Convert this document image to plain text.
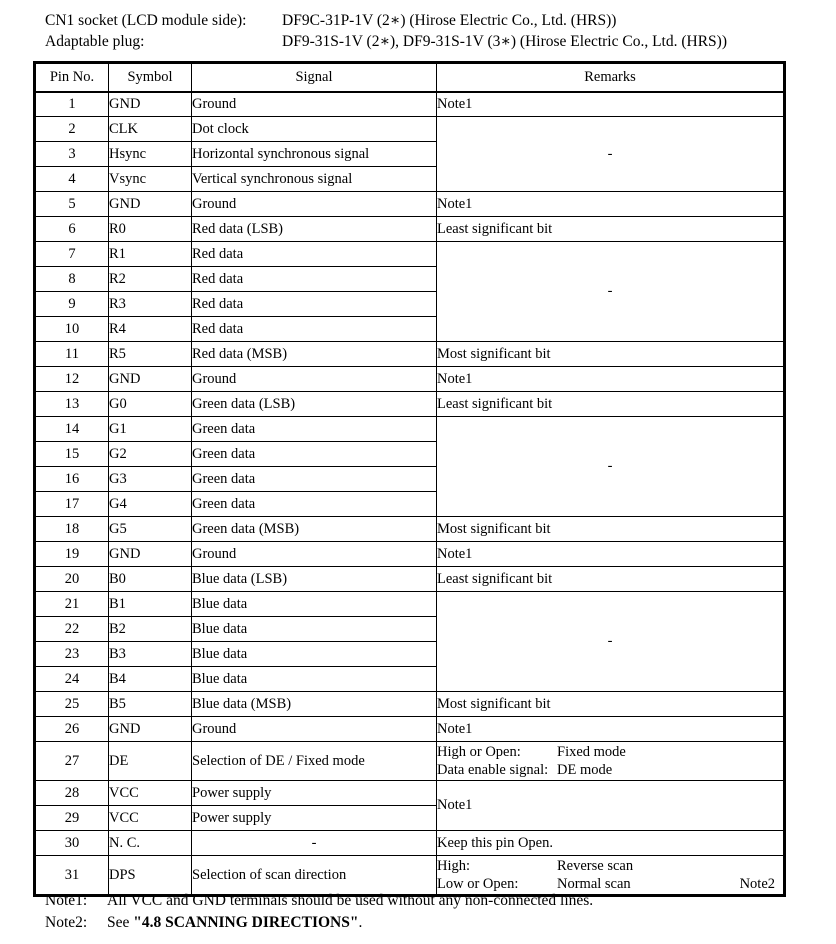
CN1 socket (LCD module side):	DF9C-31P-1V (2∗) (Hirose Electric Co., Ltd. (HRS))
Adaptable plug:	DF9-31S-1V (2∗), DF9-31S-1V (3∗) (Hirose Electric Co., Ltd. (HRS))
Pin No.	Symbol	Signal	Remarks
1	GND	Ground	Note1
2	CLK	Dot clock	-
3	Hsync	Horizontal synchronous signal	
4	Vsync	Vertical synchronous signal	
5	GND	Ground	Note1
6	R0	Red data (LSB)	Least significant bit
7	R1	Red data	-
8	R2	Red data	
9	R3	Red data	
10	R4	Red data	
11	R5	Red data (MSB)	Most significant bit
12	GND	Ground	Note1
13	G0	Green data (LSB)	Least significant bit
14	G1	Green data	-
15	G2	Green data	
16	G3	Green data	
17	G4	Green data	
18	G5	Green data (MSB)	Most significant bit
19	GND	Ground	Note1
20	B0	Blue data (LSB)	Least significant bit
21	B1	Blue data	-
22	B2	Blue data	
23	B3	Blue data	
24	B4	Blue data	
25	B5	Blue data (MSB)	Most significant bit
26	GND	Ground	Note1
27	DE	Selection of DE / Fixed mode	High or Open: Fixed mode
Data enable signal: DE mode

28	VCC	Power supply	Note1
29	VCC	Power supply	
30	N. C.	-	Keep this pin Open.
31	DPS	Selection of scan direction	High: Reverse scan
Low or Open: Normal scan Note2
Note1:	All VCC and GND terminals should be used without any non-connected lines.
Note2:	See "4.8 SCANNING DIRECTIONS".
